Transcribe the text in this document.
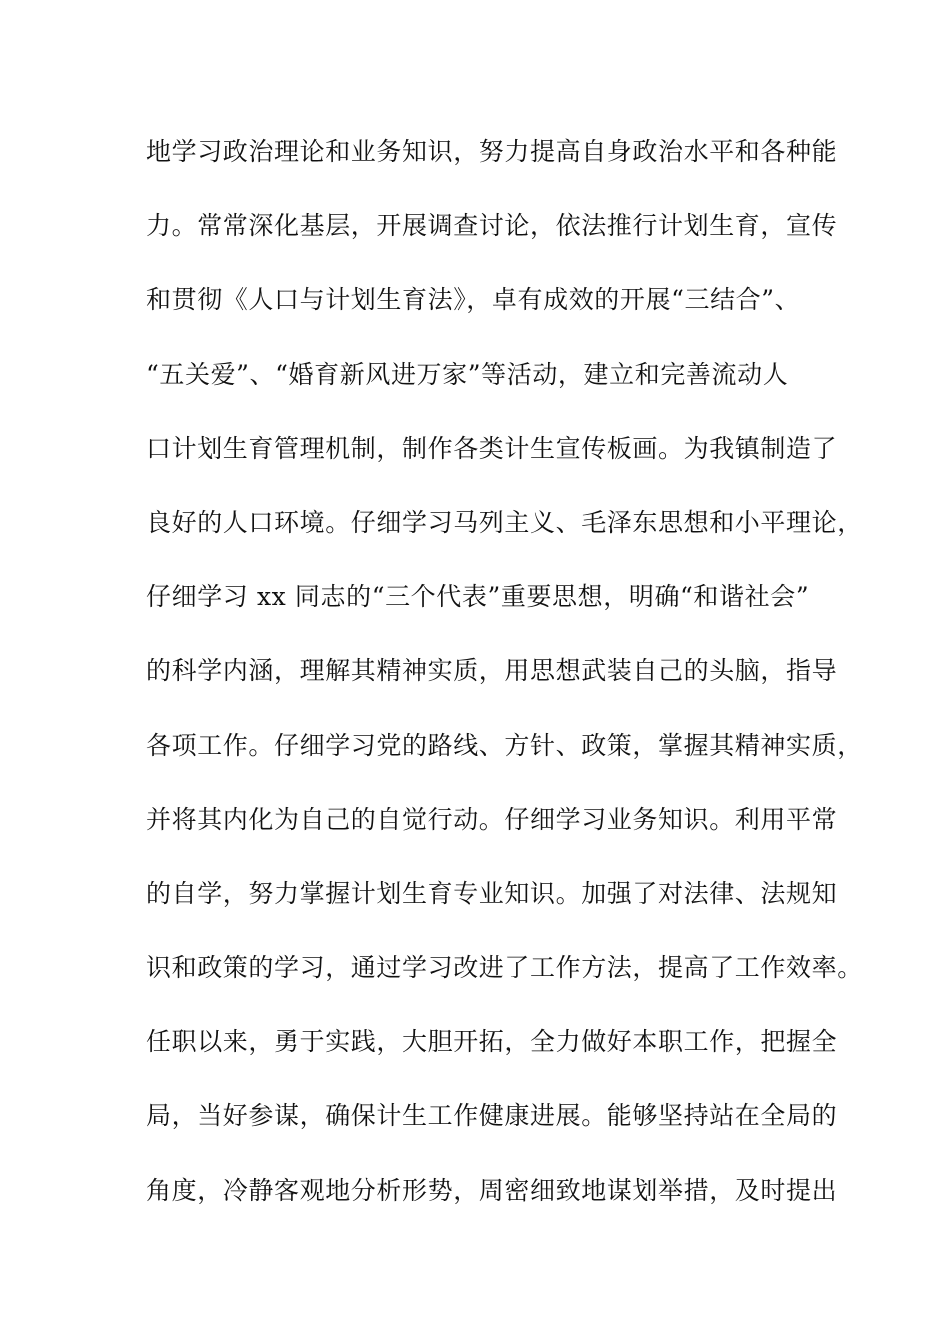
地学习政治理论和业务知识，努力提高自身政治水平和各种能
力。常常深化基层，开展调查讨论，依法推行计划生育，宣传
和贯彻《人口与计划生育法》，卓有成效的开展“三结合”、
“五关爱”、“婚育新风进万家”等活动，建立和完善流动人
口计划生育管理机制，制作各类计生宣传板画。为我镇制造了
良好的人口环境。仔细学习马列主义、毛泽东思想和小平理论，
仔细学习 xx 同志的“三个代表”重要思想，明确“和谐社会”
的科学内涵，理解其精神实质，用思想武装自己的头脑，指导
各项工作。仔细学习党的路线、方针、政策，掌握其精神实质，
并将其内化为自己的自觉行动。仔细学习业务知识。利用平常
的自学，努力掌握计划生育专业知识。加强了对法律、法规知
识和政策的学习，通过学习改进了工作方法，提高了工作效率。
任职以来，勇于实践，大胆开拓，全力做好本职工作，把握全
局，当好参谋，确保计生工作健康进展。能够坚持站在全局的
角度，冷静客观地分析形势，周密细致地谋划举措，及时提出
